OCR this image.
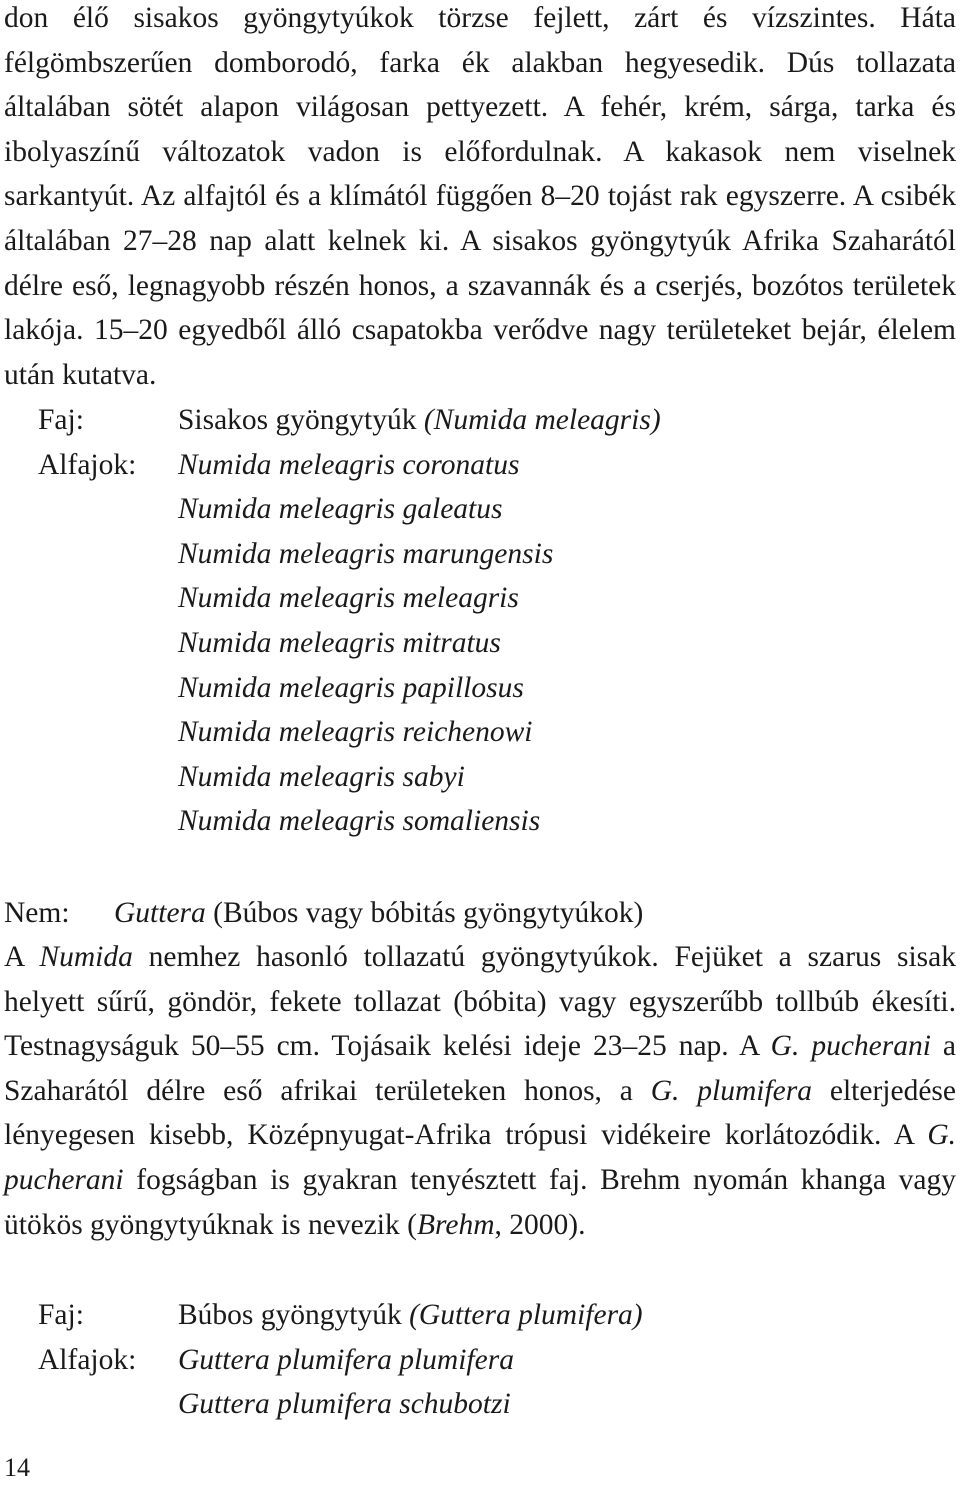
don élő sisakos gyöngytyúkok törzse fejlett, zárt és vízszintes. Háta félgömbszerűen domborodó, farka ék alakban hegyesedik. Dús tollazata általában sötét alapon világosan pettyezett. A fehér, krém, sárga, tarka és ibolyaszínű változatok vadon is előfordulnak. A kakasok nem viselnek sarkantyút. Az alfajtól és a klímától függően 8–20 tojást rak egyszerre. A csibék általában 27–28 nap alatt kelnek ki. A sisakos gyöngytyúk Afrika Szaharától délre eső, legnagyobb részén honos, a szavannák és a cserjés, bozótos területek lakója. 15–20 egyedből álló csapatokba verődve nagy területeket bejár, élelem után kutatva.

Faj:	Sisakos gyöngytyúk (Numida meleagris)
Alfajok:	Numida meleagris coronatus
Numida meleagris galeatus
Numida meleagris marungensis
Numida meleagris meleagris
Numida meleagris mitratus
Numida meleagris papillosus
Numida meleagris reichenowi
Numida meleagris sabyi
Numida meleagris somaliensis
Nem: Guttera (Búbos vagy bóbitás gyöngytyúkok)

A Numida nemhez hasonló tollazatú gyöngytyúkok. Fejüket a szarus sisak helyett sűrű, göndör, fekete tollazat (bóbita) vagy egyszerűbb tollbúb ékesíti. Testnagyságuk 50–55 cm. Tojásaik kelési ideje 23–25 nap. A G. pucherani a Szaharától délre eső afrikai területeken honos, a G. plumifera elterjedése lényegesen kisebb, Középnyugat-Afrika trópusi vidékeire korlátozódik. A G. pucherani fogságban is gyakran tenyésztett faj. Brehm nyomán khanga vagy ütökös gyöngytyúknak is nevezik (Brehm, 2000).

Faj:	Búbos gyöngytyúk (Guttera plumifera)
Alfajok:	Guttera plumifera plumifera
Guttera plumifera schubotzi
14
